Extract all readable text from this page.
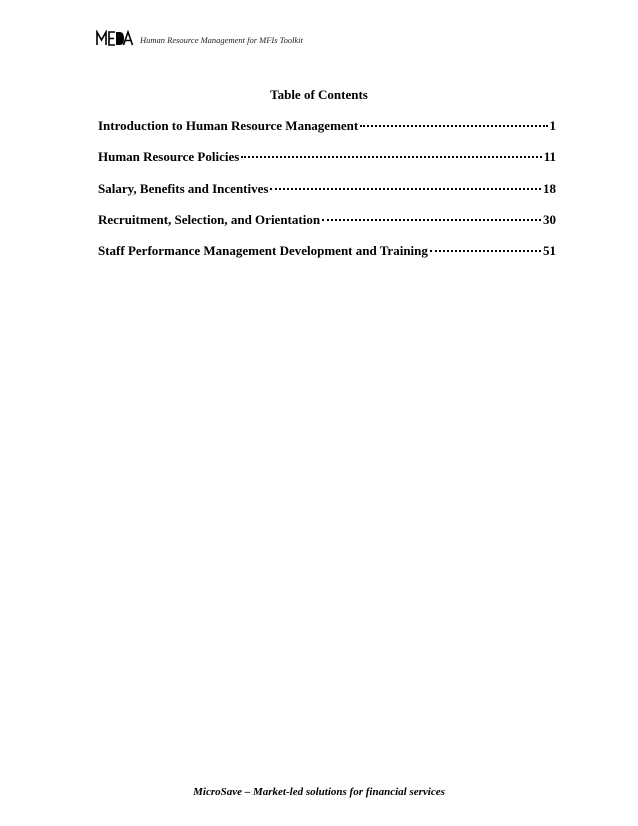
Human Resource Management for MFIs Toolkit
Table of Contents
Introduction to Human Resource Management	1
Human Resource Policies	11
Salary, Benefits and Incentives	18
Recruitment, Selection, and Orientation	30
Staff Performance Management Development and Training	51
MicroSave – Market-led solutions for financial services
